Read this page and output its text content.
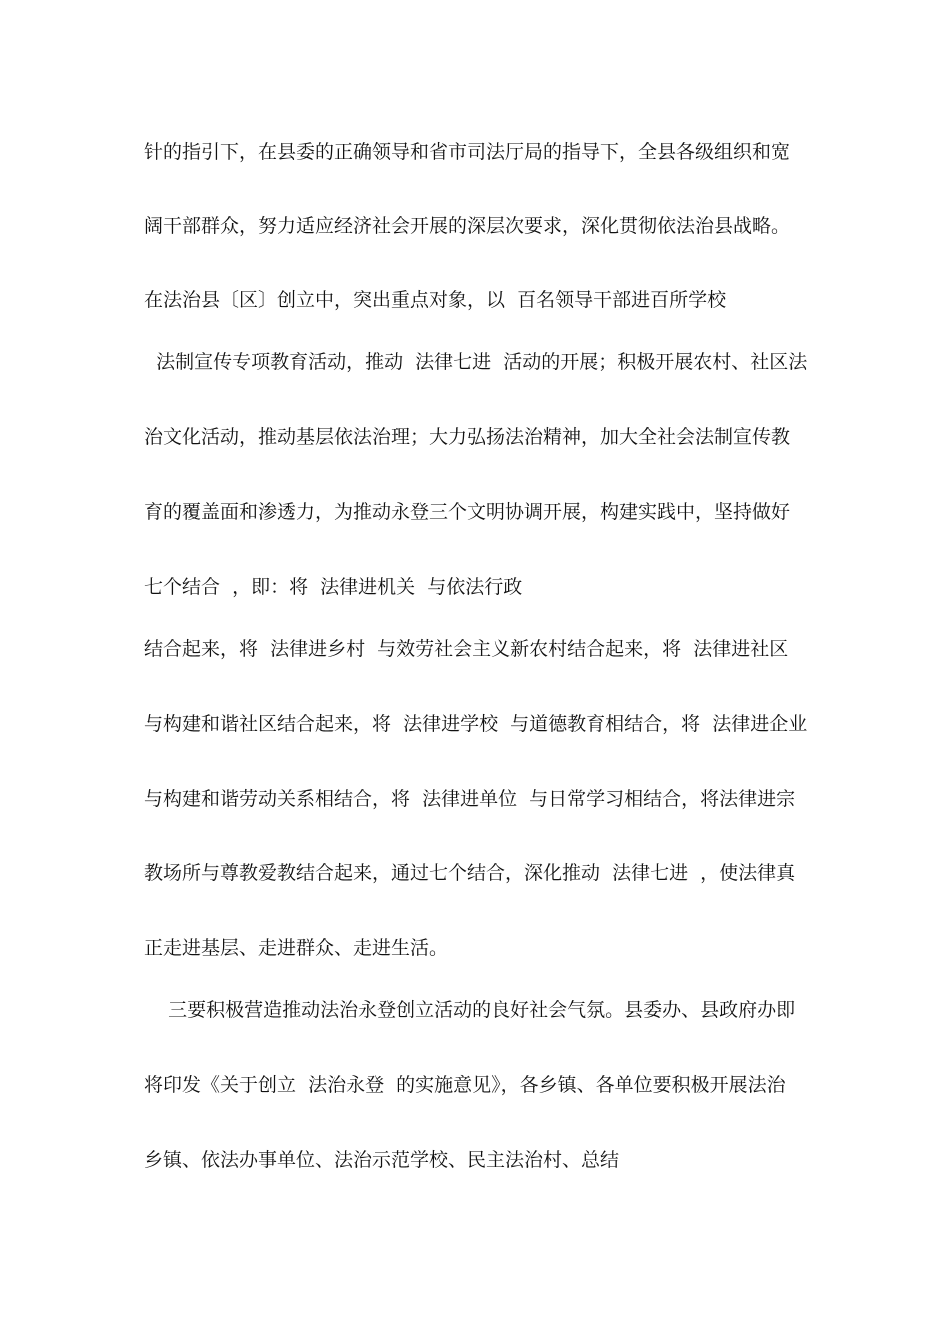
针的指引下，在县委的正确领导和省市司法厅局的指导下，全县各级组织和宽
阔干部群众，努力适应经济社会开展的深层次要求，深化贯彻依法治县战略。
在法治县〔区〕创立中，突出重点对象，以  百名领导干部进百所学校
法制宣传专项教育活动，推动  法律七进  活动的开展；积极开展农村、社区法
治文化活动，推动基层依法治理；大力弘扬法治精神，加大全社会法制宣传教
育的覆盖面和渗透力，为推动永登三个文明协调开展，构建实践中，坚持做好
七个结合  ，即：将  法律进机关  与依法行政
结合起来，将  法律进乡村  与效劳社会主义新农村结合起来，将  法律进社区
与构建和谐社区结合起来，将  法律进学校  与道德教育相结合，将  法律进企业
与构建和谐劳动关系相结合，将  法律进单位  与日常学习相结合，将法律进宗
教场所与尊教爱教结合起来，通过七个结合，深化推动  法律七进  ，使法律真
正走进基层、走进群众、走进生活。
三要积极营造推动法治永登创立活动的良好社会气氛。县委办、县政府办即
将印发《关于创立  法治永登  的实施意见》，各乡镇、各单位要积极开展法治
乡镇、依法办事单位、法治示范学校、民主法治村、总结
